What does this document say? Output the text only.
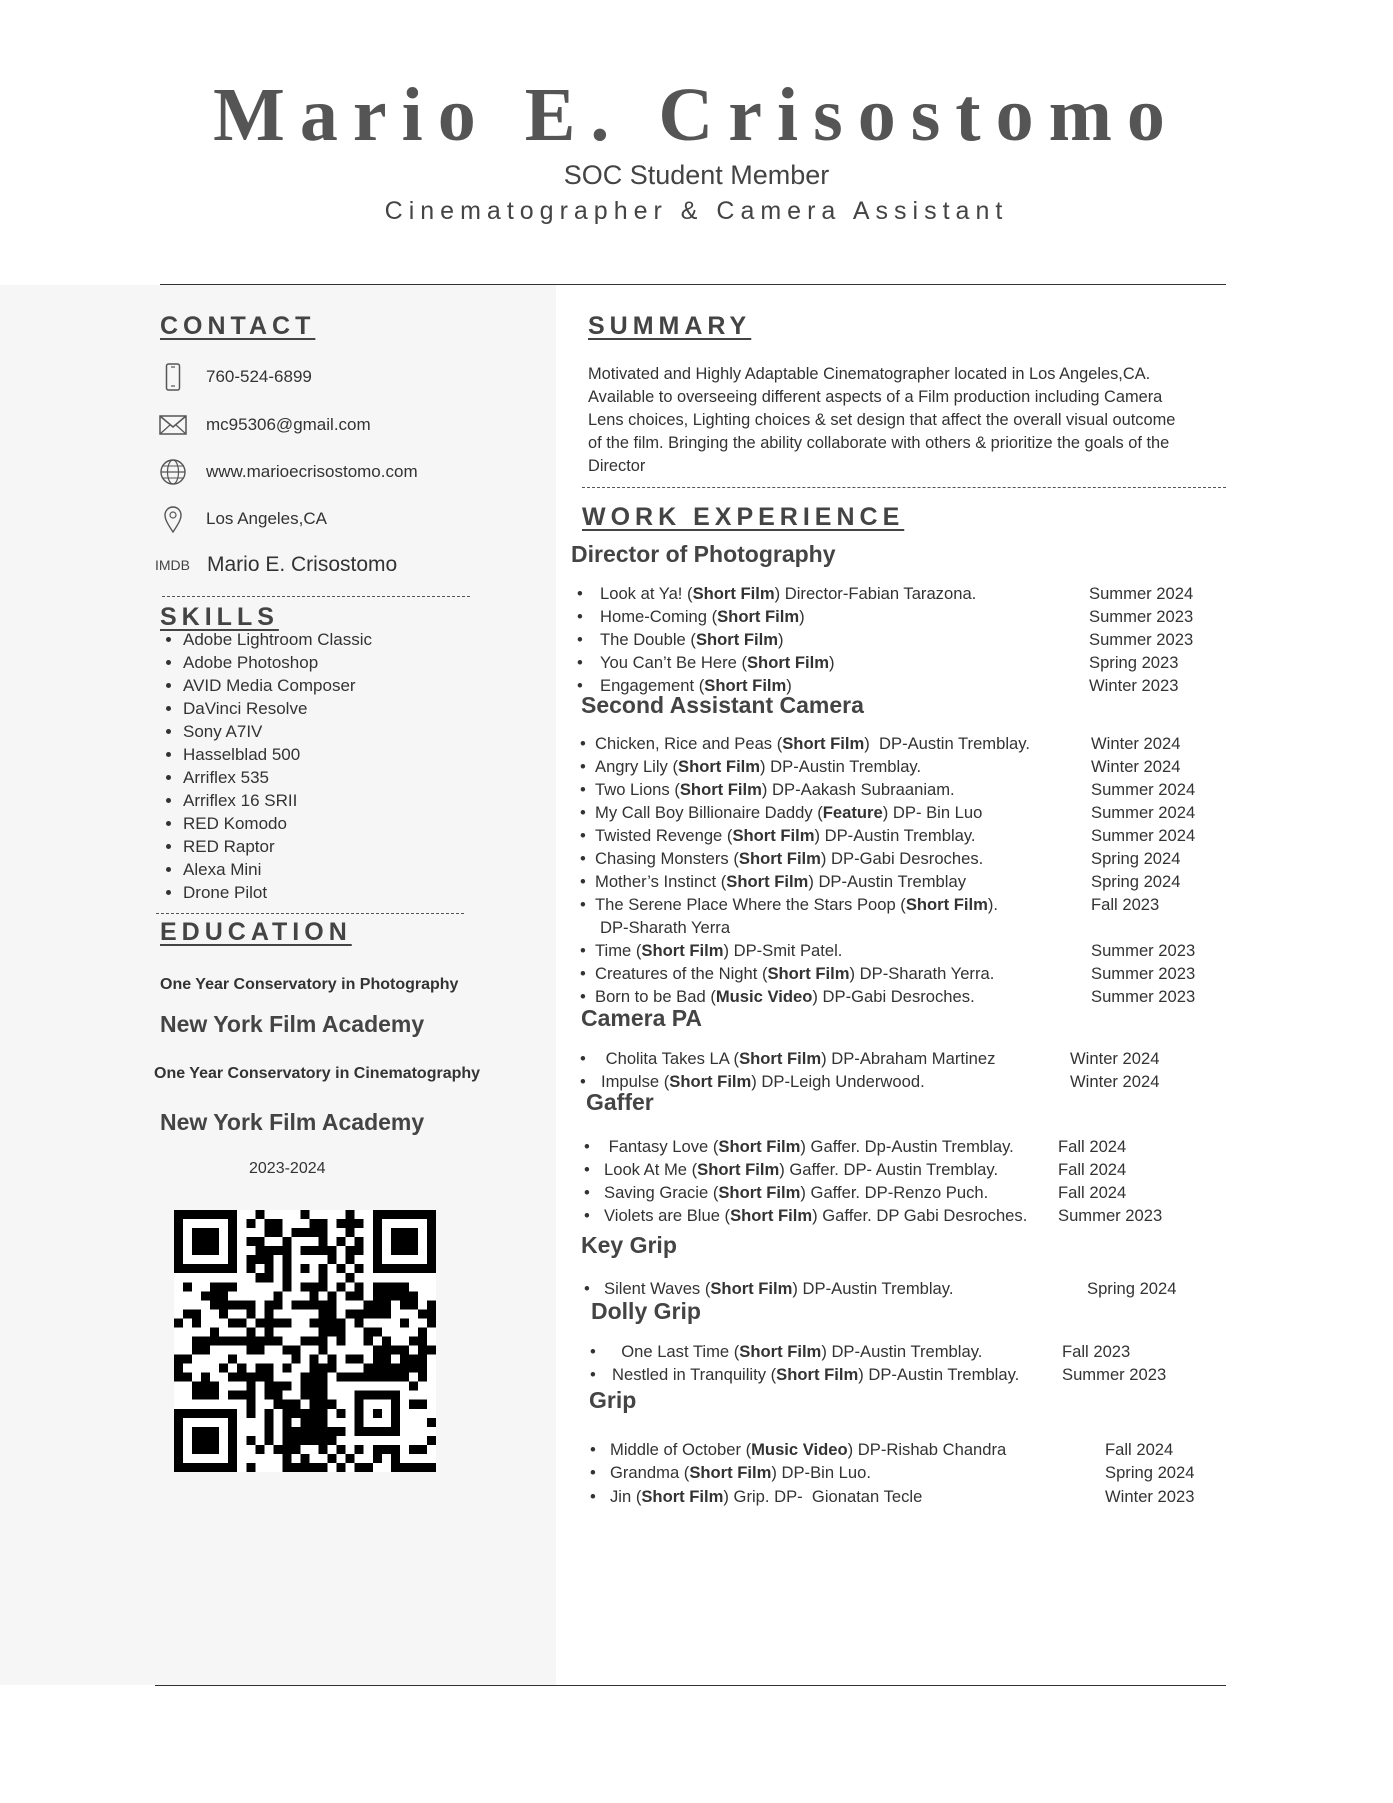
Mario E. Crisostomo
SOC Student Member
Cinematographer & Camera Assistant
CONTACT
760-524-6899
mc95306@gmail.com
www.marioecrisostomo.com
Los Angeles,CA
IMDB Mario E. Crisostomo
SKILLS
• Adobe Lightroom Classic
• Adobe Photoshop
• AVID Media Composer
• DaVinci Resolve
• Sony A7IV
• Hasselblad 500
• Arriflex 535
• Arriflex 16 SRII
• RED Komodo
• RED Raptor
• Alexa Mini
• Drone Pilot
EDUCATION
One Year Conservatory in Photography
New York Film Academy
One Year Conservatory in Cinematography
New York Film Academy
2023-2024
SUMMARY
Motivated and Highly Adaptable Cinematographer located in Los Angeles,CA.
Available to overseeing different aspects of a Film production including Camera
Lens choices, Lighting choices & set design that affect the overall visual outcome
of the film. Bringing the ability collaborate with others & prioritize the goals of the
Director
WORK EXPERIENCE
Director of Photography
• Look at Ya! (Short Film) Director-Fabian Tarazona.	Summer 2024
• Home-Coming (Short Film)	Summer 2023
• The Double (Short Film)	Summer 2023
• You Can’t Be Here (Short Film)	Spring 2023
• Engagement (Short Film)	Winter 2023
Second Assistant Camera
• Chicken, Rice and Peas (Short Film)  DP-Austin Tremblay.	Winter 2024
• Angry Lily (Short Film) DP-Austin Tremblay.	Winter 2024
• Two Lions (Short Film) DP-Aakash Subraaniam.	Summer 2024
• My Call Boy Billionaire Daddy (Feature) DP- Bin Luo	Summer 2024
• Twisted Revenge (Short Film) DP-Austin Tremblay.	Summer 2024
• Chasing Monsters (Short Film) DP-Gabi Desroches.	Spring 2024
• Mother’s Instinct (Short Film) DP-Austin Tremblay	Spring 2024
• The Serene Place Where the Stars Poop (Short Film).	Fall 2023
DP-Sharath Yerra
• Time (Short Film) DP-Smit Patel.	Summer 2023
• Creatures of the Night (Short Film) DP-Sharath Yerra.	Summer 2023
• Born to be Bad (Music Video) DP-Gabi Desroches.	Summer 2023
Camera PA
• Cholita Takes LA (Short Film) DP-Abraham Martinez	Winter 2024
• Impulse (Short Film) DP-Leigh Underwood.	Winter 2024
Gaffer
• Fantasy Love (Short Film) Gaffer. Dp-Austin Tremblay.	Fall 2024
• Look At Me (Short Film) Gaffer. DP- Austin Tremblay.	Fall 2024
• Saving Gracie (Short Film) Gaffer. DP-Renzo Puch.	Fall 2024
• Violets are Blue (Short Film) Gaffer. DP Gabi Desroches. Summer 2023
Key Grip
• Silent Waves (Short Film) DP-Austin Tremblay.	Spring 2024
Dolly Grip
• One Last Time (Short Film) DP-Austin Tremblay.	Fall 2023
• Nestled in Tranquility (Short Film) DP-Austin Tremblay.	Summer 2023
Grip
• Middle of October (Music Video) DP-Rishab Chandra	Fall 2024
• Grandma (Short Film) DP-Bin Luo.	Spring 2024
• Jin (Short Film) Grip. DP-  Gionatan Tecle	Winter 2023
